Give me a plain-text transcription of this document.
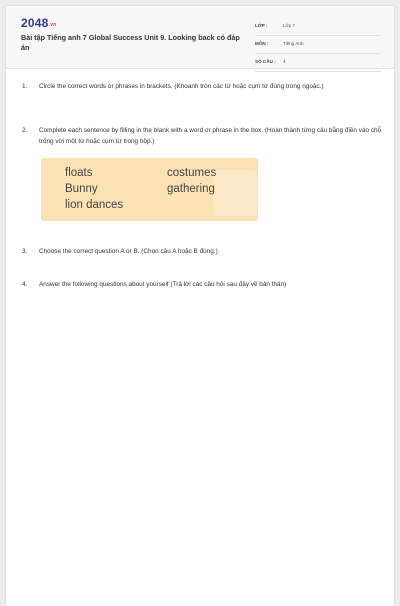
2048.vn
Bài tập Tiếng anh 7 Global Success Unit 9. Looking back có đáp án
LỚP :	Lớp 7
MÔN :	Tiếng Anh
SỐ CÂU : 4
1. Circle the correct words or phrases in brackets. (Khoanh tròn các từ hoặc cụm từ đúng trong ngoặc.)
2. Complete each sentence by filling in the blank with a word or phrase in the box. (Hoàn thành từng câu bằng điền vào chỗ trống với một từ hoặc cụm từ trong hộp.)
floats
Bunny
lion dances
costumes
gathering
3. Choose the correct question A or B. (Chọn câu A hoặc B đúng.)
4. Answer the following questions about yourself (Trả lời các câu hỏi sau đây về bản thân)
